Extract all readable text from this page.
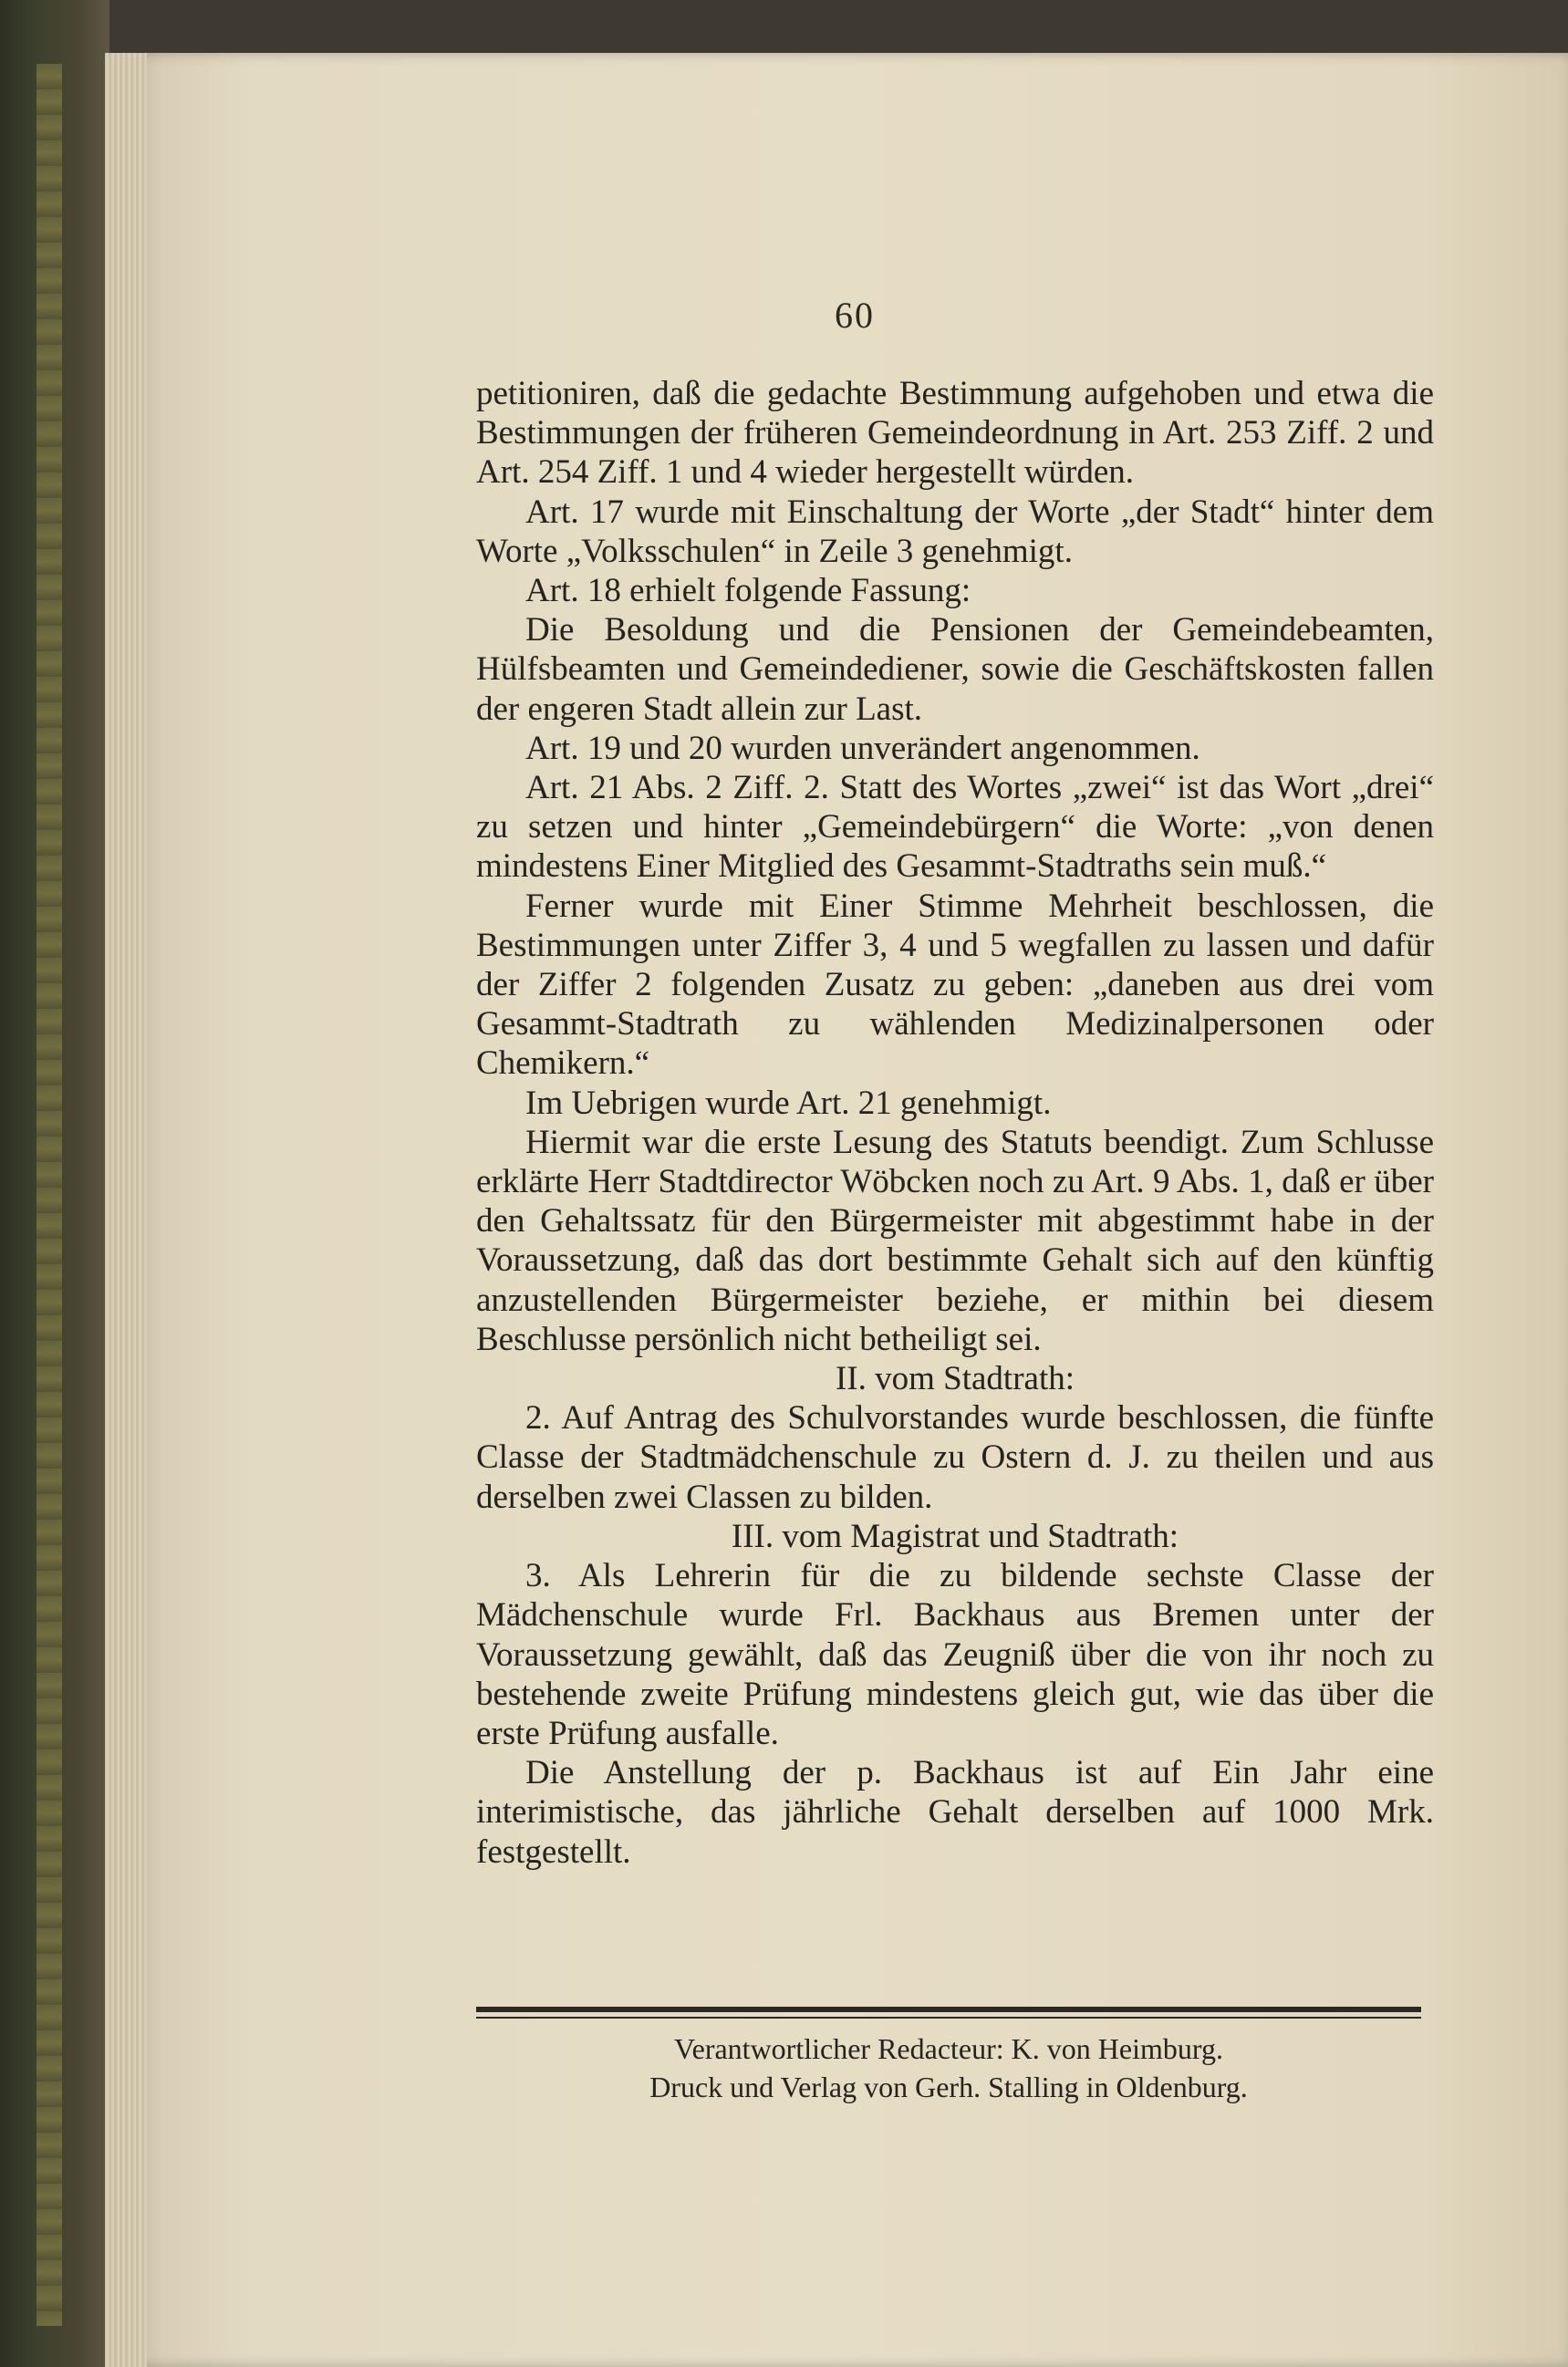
60

petitioniren, daß die gedachte Bestimmung aufgehoben und etwa die Bestimmungen der früheren Gemeindeordnung in Art. 253 Ziff. 2 und Art. 254 Ziff. 1 und 4 wieder hergestellt würden.

Art. 17 wurde mit Einschaltung der Worte „der Stadt“ hinter dem Worte „Volksschulen“ in Zeile 3 genehmigt.

Art. 18 erhielt folgende Fassung:

Die Besoldung und die Pensionen der Gemeindebeamten, Hülfsbeamten und Gemeindediener, sowie die Geschäftskosten fallen der engeren Stadt allein zur Last.

Art. 19 und 20 wurden unverändert angenommen.

Art. 21 Abs. 2 Ziff. 2. Statt des Wortes „zwei“ ist das Wort „drei“ zu setzen und hinter „Gemeindebürgern“ die Worte: „von denen mindestens Einer Mitglied des Gesammt-Stadtraths sein muß.“

Ferner wurde mit Einer Stimme Mehrheit beschlossen, die Bestimmungen unter Ziffer 3, 4 und 5 wegfallen zu lassen und dafür der Ziffer 2 folgenden Zusatz zu geben: „daneben aus drei vom Gesammt-Stadtrath zu wählenden Medizinalpersonen oder Chemikern.“

Im Uebrigen wurde Art. 21 genehmigt.

Hiermit war die erste Lesung des Statuts beendigt. Zum Schlusse erklärte Herr Stadtdirector Wöbcken noch zu Art. 9 Abs. 1, daß er über den Gehaltssatz für den Bürgermeister mit abgestimmt habe in der Voraussetzung, daß das dort bestimmte Gehalt sich auf den künftig anzustellenden Bürgermeister beziehe, er mithin bei diesem Beschlusse persönlich nicht betheiligt sei.

II. vom Stadtrath:

2. Auf Antrag des Schulvorstandes wurde beschlossen, die fünfte Classe der Stadtmädchenschule zu Ostern d. J. zu theilen und aus derselben zwei Classen zu bilden.

III. vom Magistrat und Stadtrath:

3. Als Lehrerin für die zu bildende sechste Classe der Mädchenschule wurde Frl. Backhaus aus Bremen unter der Voraussetzung gewählt, daß das Zeugniß über die von ihr noch zu bestehende zweite Prüfung mindestens gleich gut, wie das über die erste Prüfung ausfalle.

Die Anstellung der p. Backhaus ist auf Ein Jahr eine interimistische, das jährliche Gehalt derselben auf 1000 Mrk. festgestellt.

Verantwortlicher Redacteur: K. von Heimburg.
Druck und Verlag von Gerh. Stalling in Oldenburg.
